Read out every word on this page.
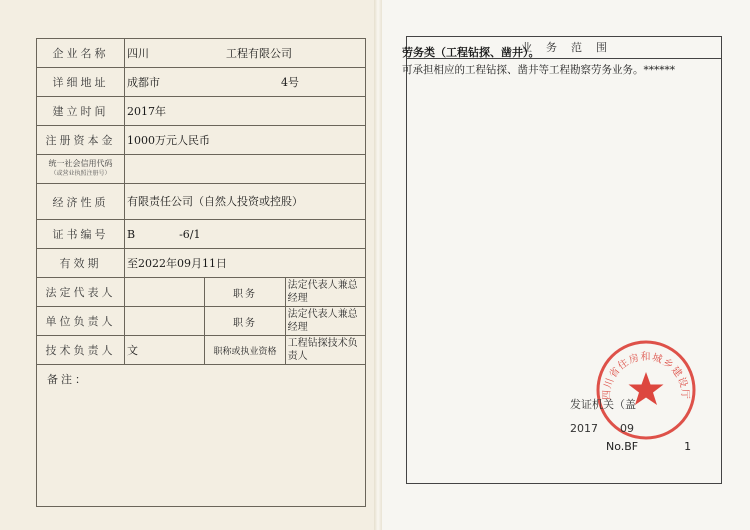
企业名称	四川　　　　　　　工程有限公司		
详细地址	成都市　　　　　　　　　　　4号		
建立时间	2017年		
注册资本金	1000万元人民币		
统一社会信用代码
（或营业执照注册号）			

经济性质	有限责任公司（自然人投资或控股）		
证书编号	B　　　　-6/1		
有效期	至2022年09月11日		
法定代表人		职务	法定代表人兼总经理
单位负责人		职务	法定代表人兼总经理
技术负责人	文	职称或执业资格	工程钻探技术负责人
备注：			
业务范围
劳务类（工程钻探、凿井）。
可承担相应的工程钻探、凿井等工程勘察劳务业务。******
四川省住房和城乡建设厅
发证机关（盖
2017　　09
No.BF	1
